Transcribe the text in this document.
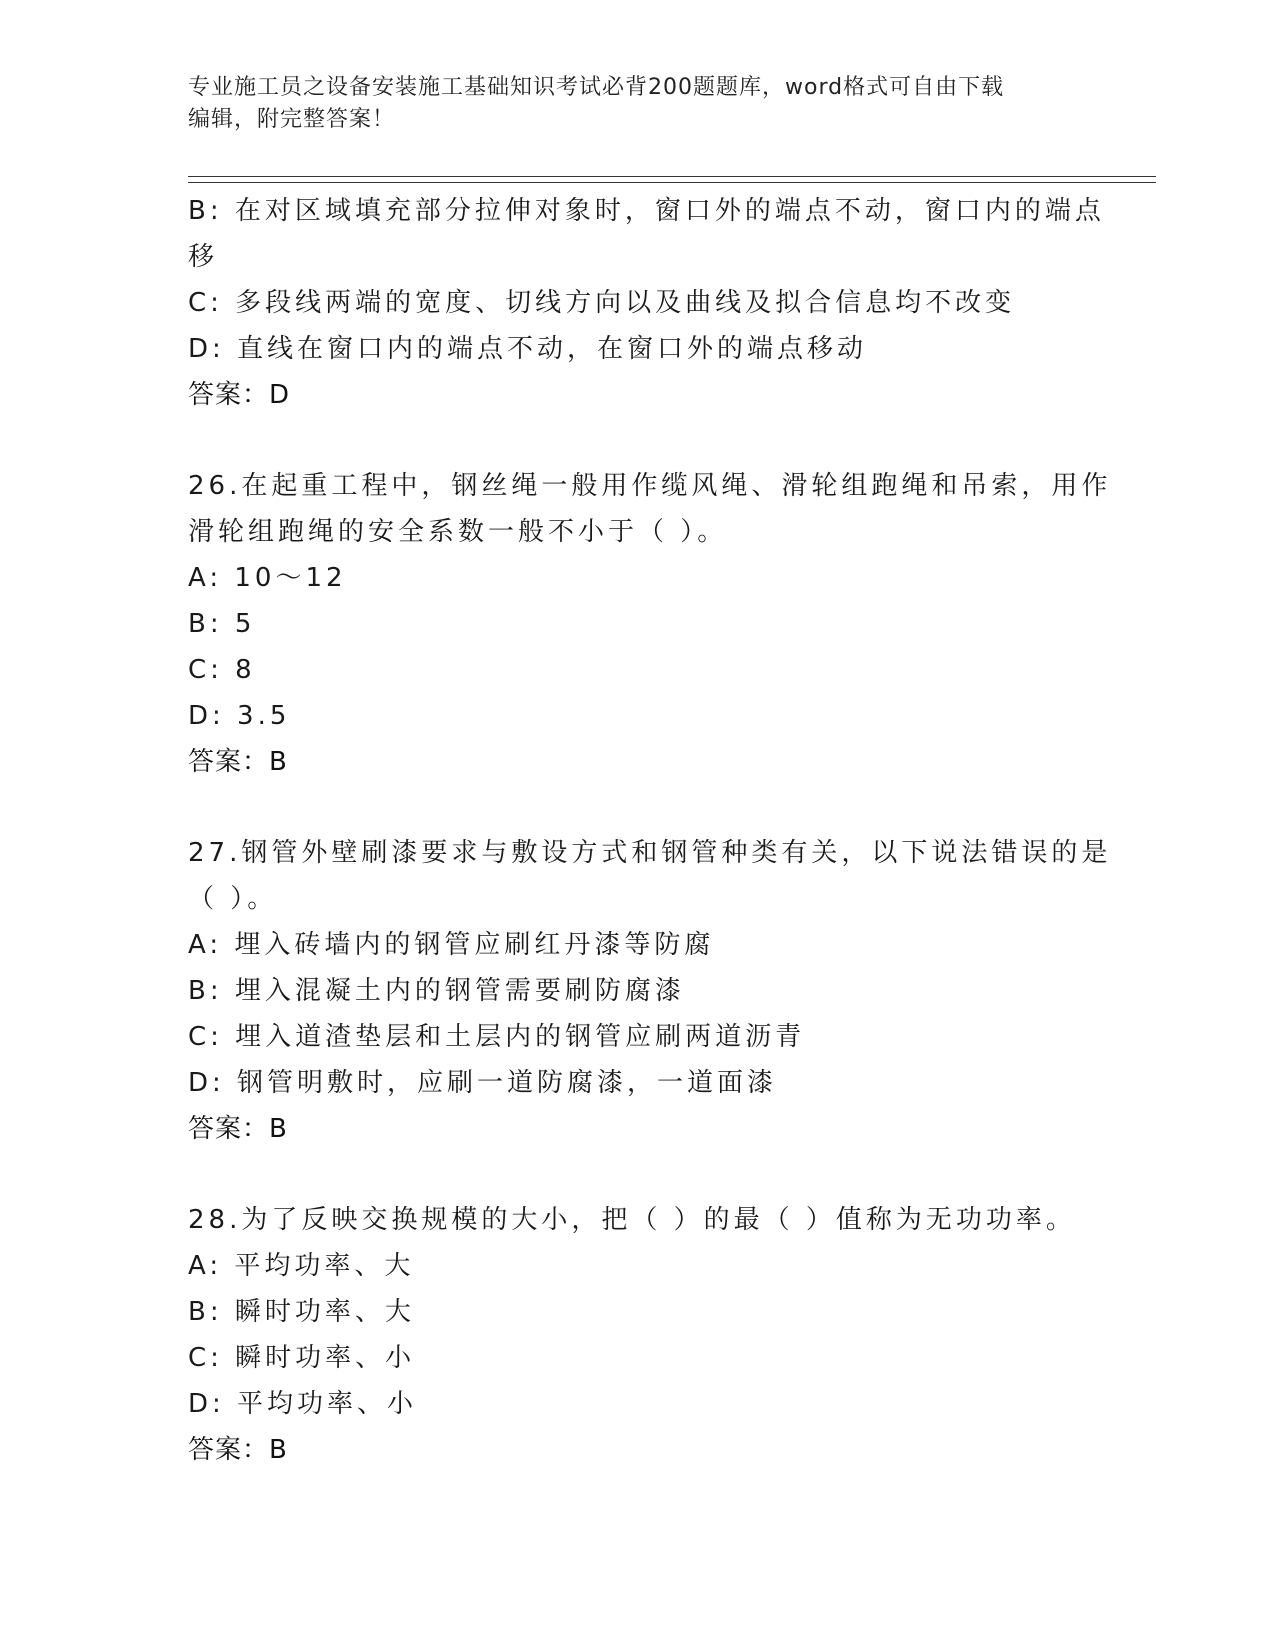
专业施工员之设备安装施工基础知识考试必背200题题库，word格式可自由下载
编辑，附完整答案！
B: 在对区域填充部分拉伸对象时，窗口外的端点不动，窗口内的端点
移
C: 多段线两端的宽度、切线方向以及曲线及拟合信息均不改变
D: 直线在窗口内的端点不动，在窗口外的端点移动
答案：D
26.在起重工程中，钢丝绳一般用作缆风绳、滑轮组跑绳和吊索，用作
滑轮组跑绳的安全系数一般不小于（ ）。
A: 10～12
B: 5
C: 8
D: 3.5
答案：B
27.钢管外壁刷漆要求与敷设方式和钢管种类有关，以下说法错误的是
（ ）。
A: 埋入砖墙内的钢管应刷红丹漆等防腐
B: 埋入混凝土内的钢管需要刷防腐漆
C: 埋入道渣垫层和土层内的钢管应刷两道沥青
D: 钢管明敷时，应刷一道防腐漆，一道面漆
答案：B
28.为了反映交换规模的大小，把（ ）的最（ ）值称为无功功率。
A: 平均功率、大
B: 瞬时功率、大
C: 瞬时功率、小
D: 平均功率、小
答案：B
